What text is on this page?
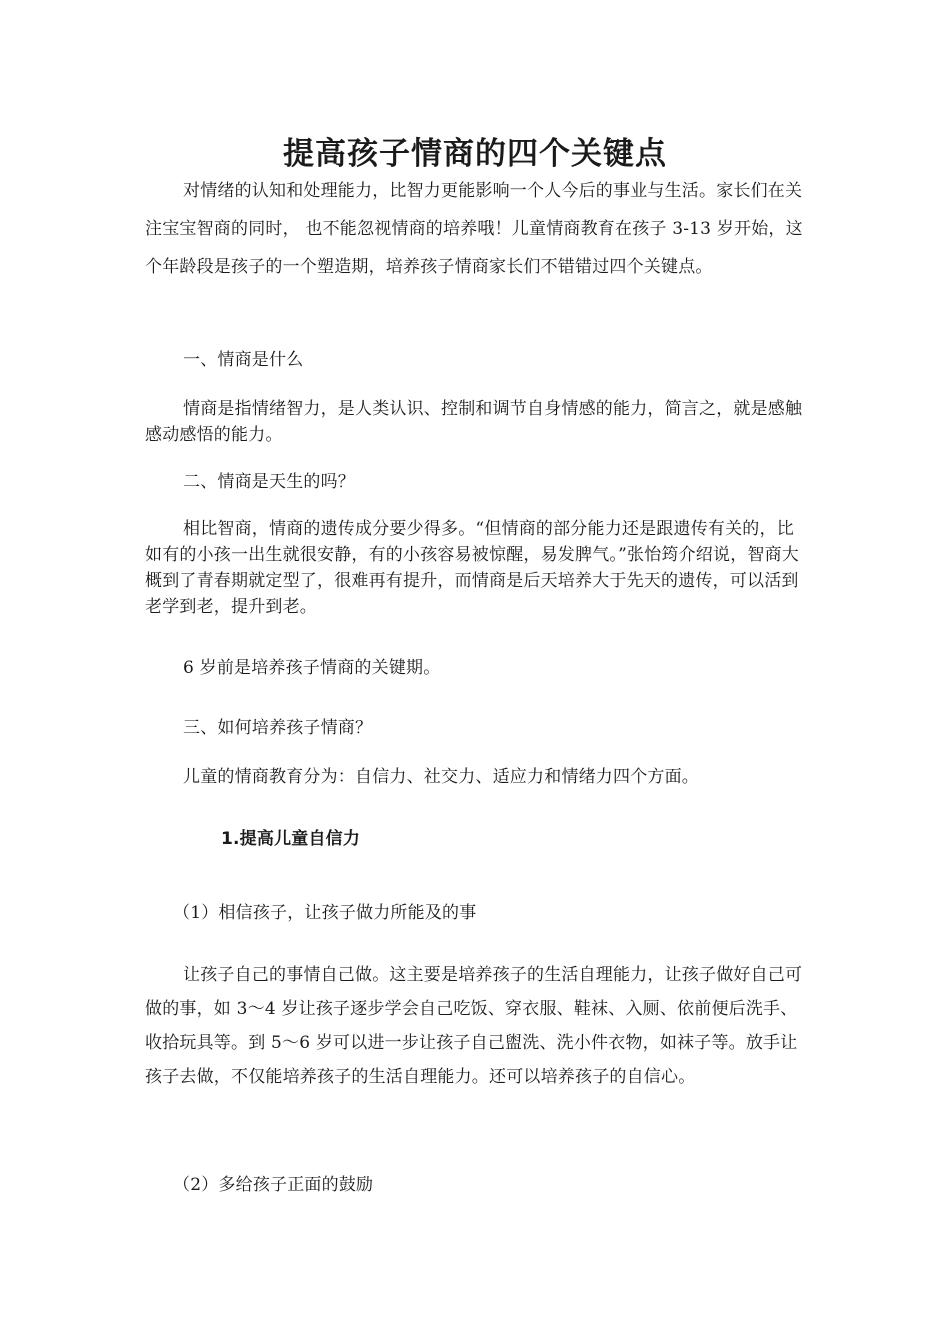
提高孩子情商的四个关键点

对情绪的认知和处理能力，比智力更能影响一个人今后的事业与生活。家长们在关注宝宝智商的同时， 也不能忽视情商的培养哦！儿童情商教育在孩子 3-13 岁开始，这个年龄段是孩子的一个塑造期，培养孩子情商家长们不错错过四个关键点。

一、情商是什么

情商是指情绪智力，是人类认识、控制和调节自身情感的能力，简言之，就是感触感动感悟的能力。

二、情商是天生的吗？

相比智商，情商的遗传成分要少得多。“但情商的部分能力还是跟遗传有关的，比如有的小孩一出生就很安静，有的小孩容易被惊醒，易发脾气。”张怡筠介绍说，智商大概到了青春期就定型了，很难再有提升，而情商是后天培养大于先天的遗传，可以活到老学到老，提升到老。

6 岁前是培养孩子情商的关键期。

三、如何培养孩子情商？

儿童的情商教育分为：自信力、社交力、适应力和情绪力四个方面。

1.提高儿童自信力

（1）相信孩子，让孩子做力所能及的事

让孩子自己的事情自己做。这主要是培养孩子的生活自理能力，让孩子做好自己可做的事，如 3～4 岁让孩子逐步学会自己吃饭、穿衣服、鞋袜、入厕、依前便后洗手、收拾玩具等。到 5～6 岁可以进一步让孩子自己盥洗、洗小件衣物，如袜子等。放手让孩子去做，不仅能培养孩子的生活自理能力。还可以培养孩子的自信心。

（2）多给孩子正面的鼓励
